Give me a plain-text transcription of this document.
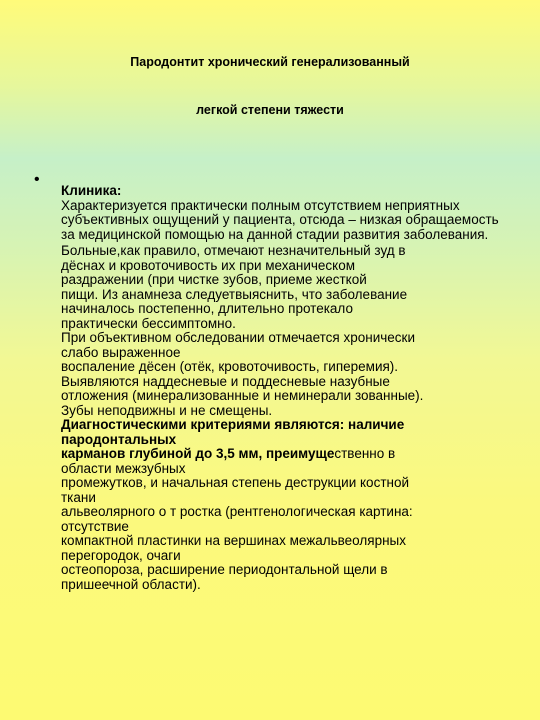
Пародонтит хронический генерализованный
легкой степени тяжести
•

Клиника:

Характеризуется практически полным отсутствием неприятных субъективных ощущений у пациента, отсюда – низкая обращаемость за медицинской помощью на данной стадии развития заболевания.

Больные,как правило, отмечают незначительный зуд в

дёснах и кровоточивость их при механическом

раздражении (при чистке зубов, приеме жесткой

пищи. Из анамнеза следуетвыяснить, что заболевание

начиналось постепенно, длительно протекало

практически бессимптомно.

При объективном обследовании отмечается хронически

слабо выраженное

воспаление дёсен (отёк, кровоточивость, гиперемия).

Выявляются наддесневые и поддесневые назубные

отложения (минерализованные и неминерали зованные).

Зубы неподвижны и не смещены.

Диагностическими критериями являются: наличие

пародонтальных

карманов глубиной до 3,5 мм, преимущественно в

области межзубных

промежутков, и начальная степень деструкции костной

ткани

альвеолярного о т ростка (рентгенологическая картина:

отсутствие

компактной пластинки на вершинах межальвеолярных

перегородок, очаги

остеопороза, расширение периодонтальной щели в

пришеечной области).
